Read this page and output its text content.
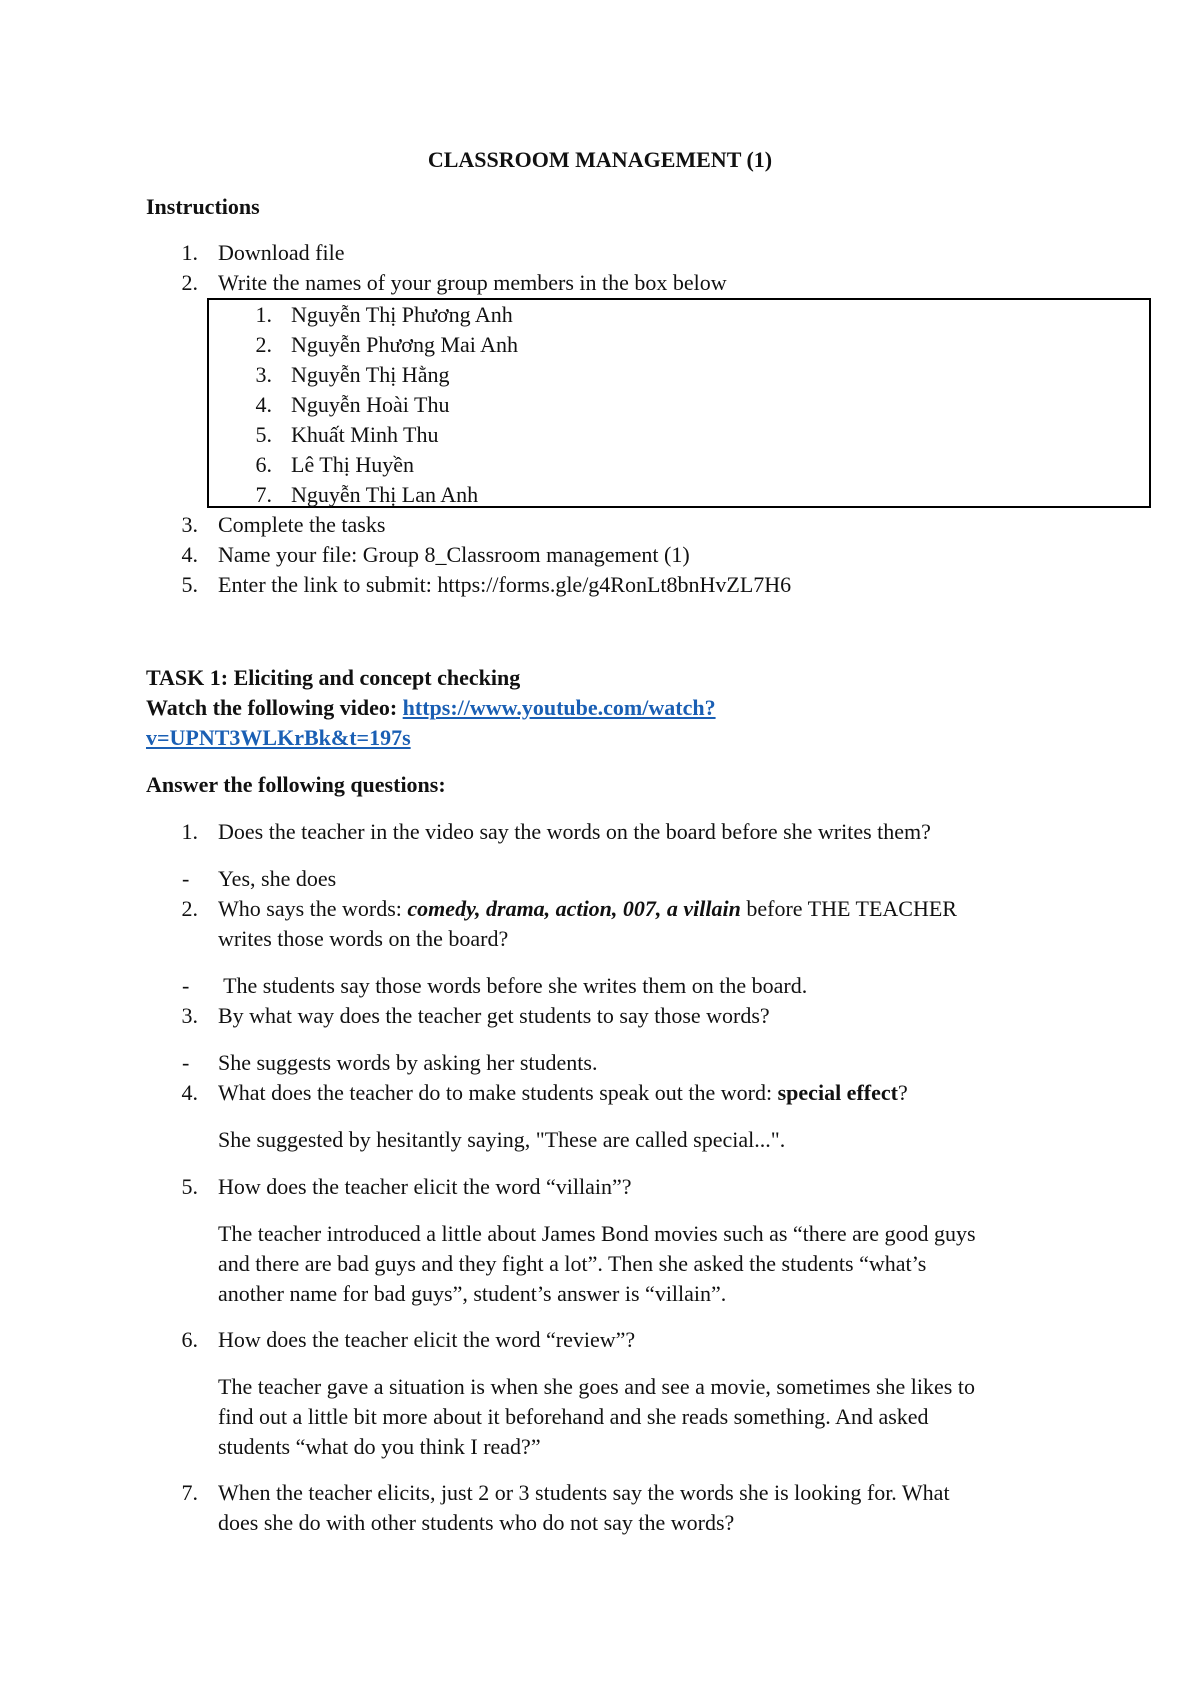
CLASSROOM MANAGEMENT (1)
Instructions
1. Download file
2. Write the names of your group members in the box below
1. Nguyễn Thị Phương Anh
2. Nguyễn Phương Mai Anh
3. Nguyễn Thị Hằng
4. Nguyễn Hoài Thu
5. Khuất Minh Thu
6. Lê Thị Huyền
7. Nguyễn Thị Lan Anh
3. Complete the tasks
4. Name your file: Group 8_Classroom management (1)
5. Enter the link to submit: https://forms.gle/g4RonLt8bnHvZL7H6
TASK 1: Eliciting and concept checking
Watch the following video: https://www.youtube.com/watch?
v=UPNT3WLKrBk&t=197s
Answer the following questions:
1. Does the teacher in the video say the words on the board before she writes them?
- Yes, she does
2. Who says the words: comedy, drama, action, 007, a villain before THE TEACHER
writes those words on the board?
- The students say those words before she writes them on the board.
3. By what way does the teacher get students to say those words?
- She suggests words by asking her students.
4. What does the teacher do to make students speak out the word: special effect?
She suggested by hesitantly saying, "These are called special...".
5. How does the teacher elicit the word “villain”?
The teacher introduced a little about James Bond movies such as “there are good guys
and there are bad guys and they fight a lot”. Then she asked the students “what’s
another name for bad guys”, student’s answer is “villain”.
6. How does the teacher elicit the word “review”?
The teacher gave a situation is when she goes and see a movie, sometimes she likes to
find out a little bit more about it beforehand and she reads something. And asked
students “what do you think I read?”
7. When the teacher elicits, just 2 or 3 students say the words she is looking for. What
does she do with other students who do not say the words?
